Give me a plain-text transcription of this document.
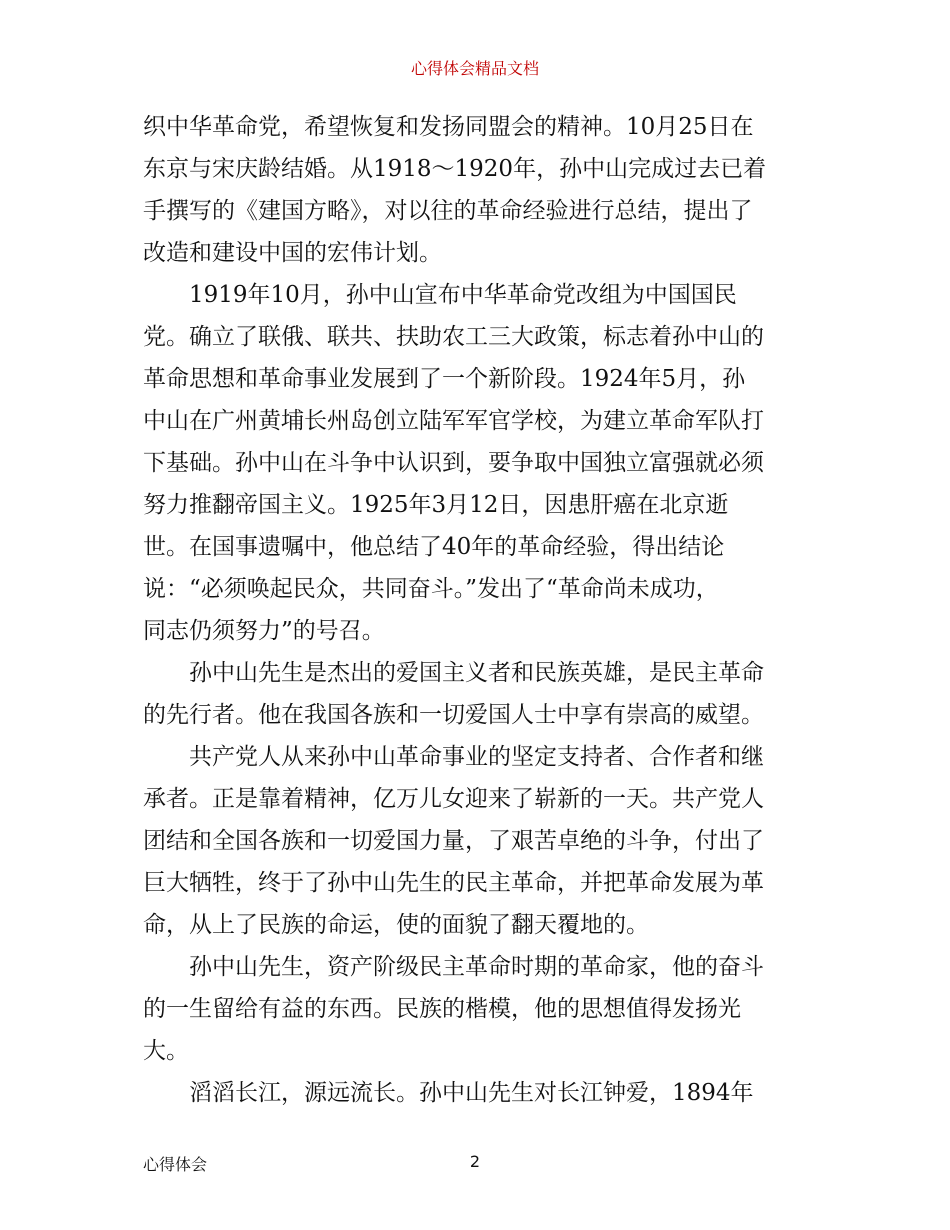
心得体会精品文档
织中华革命党，希望恢复和发扬同盟会的精神。10月25日在
东京与宋庆龄结婚。从1918～1920年，孙中山完成过去已着
手撰写的《建国方略》，对以往的革命经验进行总结，提出了
改造和建设中国的宏伟计划。
1919年10月，孙中山宣布中华革命党改组为中国国民
党。确立了联俄、联共、扶助农工三大政策，标志着孙中山的
革命思想和革命事业发展到了一个新阶段。1924年5月，孙
中山在广州黄埔长州岛创立陆军军官学校，为建立革命军队打
下基础。孙中山在斗争中认识到，要争取中国独立富强就必须
努力推翻帝国主义。1925年3月12日，因患肝癌在北京逝
世。在国事遗嘱中，他总结了40年的革命经验，得出结论
说：“必须唤起民众，共同奋斗。”发出了“革命尚未成功，
同志仍须努力”的号召。
孙中山先生是杰出的爱国主义者和民族英雄，是民主革命
的先行者。他在我国各族和一切爱国人士中享有崇高的威望。
共产党人从来孙中山革命事业的坚定支持者、合作者和继
承者。正是靠着精神，亿万儿女迎来了崭新的一天。共产党人
团结和全国各族和一切爱国力量，了艰苦卓绝的斗争，付出了
巨大牺牲，终于了孙中山先生的民主革命，并把革命发展为革
命，从上了民族的命运，使的面貌了翻天覆地的。
孙中山先生，资产阶级民主革命时期的革命家，他的奋斗
的一生留给有益的东西。民族的楷模，他的思想值得发扬光
大。
滔滔长江，源远流长。孙中山先生对长江钟爱，1894年
心得体会	2
